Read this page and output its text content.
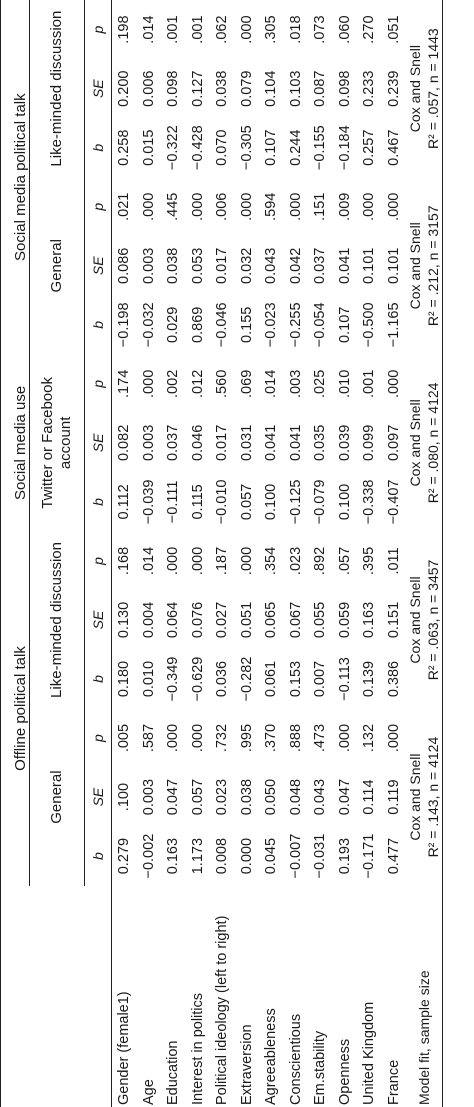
	Offline political talk						Social media use			Social media political talk					
	General			Like-minded discussion			Twitter or Facebook account			General			Like-minded discussion		
	b	SE	p	b	SE	p	b	SE	p	b	SE	p	b	SE	p
Gender (female1)	0.279	.100	.005	0.180	0.130	.168	0.112	0.082	.174	−0.198	0.086	.021	0.258	0.200	.198
Age	−0.002	0.003	.587	0.010	0.004	.014	−0.039	0.003	.000	−0.032	0.003	.000	0.015	0.006	.014
Education	0.163	0.047	.000	−0.349	0.064	.000	−0.111	0.037	.002	0.029	0.038	.445	−0.322	0.098	.001
Interest in politics	1.173	0.057	.000	−0.629	0.076	.000	0.115	0.046	.012	0.869	0.053	.000	−0.428	0.127	.001
Political ideology (left to right)	0.008	0.023	.732	0.036	0.027	.187	−0.010	0.017	.560	−0.046	0.017	.006	0.070	0.038	.062
Extraversion	0.000	0.038	.995	−0.282	0.051	.000	0.057	0.031	.069	0.155	0.032	.000	−0.305	0.079	.000
Agreeableness	0.045	0.050	.370	0.061	0.065	.354	0.100	0.041	.014	−0.023	0.043	.594	0.107	0.104	.305
Conscientious	−0.007	0.048	.888	0.153	0.067	.023	−0.125	0.041	.003	−0.255	0.042	.000	0.244	0.103	.018
Em.stability	−0.031	0.043	.473	0.007	0.055	.892	−0.079	0.035	.025	−0.054	0.037	.151	−0.155	0.087	.073
Openness	0.193	0.047	.000	−0.113	0.059	.057	0.100	0.039	.010	0.107	0.041	.009	−0.184	0.098	.060
United Kingdom	−0.171	0.114	.132	0.139	0.163	.395	−0.338	0.099	.001	−0.500	0.101	.000	0.257	0.233	.270
France	0.477	0.119	.000	0.386	0.151	.011	−0.407	0.097	.000	−1.165	0.101	.000	0.467	0.239	.051
Model fit, sample size	Cox and Snell R² = .143, n = 4124			Cox and Snell R² = .063, n = 3457			Cox and Snell R² = .080, n = 4124			Cox and Snell R² = .212, n = 3157			Cox and Snell R² = .057, n = 1443		
